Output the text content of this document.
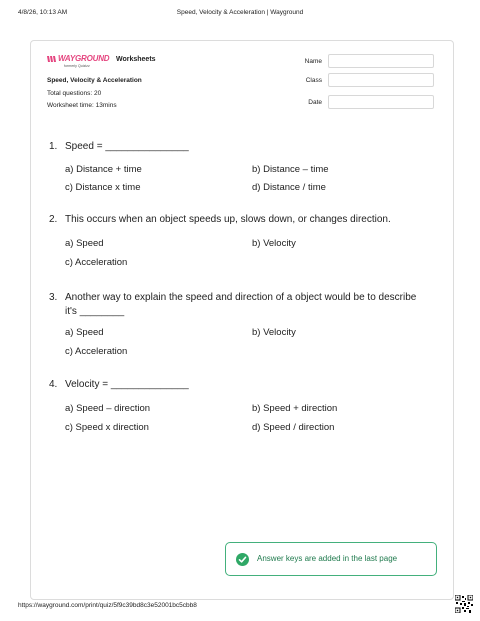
4/8/26, 10:13 AM	Speed, Velocity & Acceleration | Wayground
WAYGROUND
formerly Quizizz
Worksheets
Speed, Velocity & Acceleration
Total questions: 20
Worksheet time: 13mins
Name
Class
Date
1. Speed = _______________
a) Distance + time	b) Distance – time
c) Distance x time	d) Distance / time
2. This occurs when an object speeds up, slows down, or changes direction.
a) Speed	b) Velocity
c) Acceleration
3. Another way to explain the speed and direction of a object would be to describe it's ________
a) Speed	b) Velocity
c) Acceleration
4. Velocity = ______________
a) Speed – direction	b) Speed + direction
c) Speed x direction	d) Speed / direction
Answer keys are added in the last page
https://wayground.com/print/quiz/5f9c39bd8c3e52001bc5cbb8
